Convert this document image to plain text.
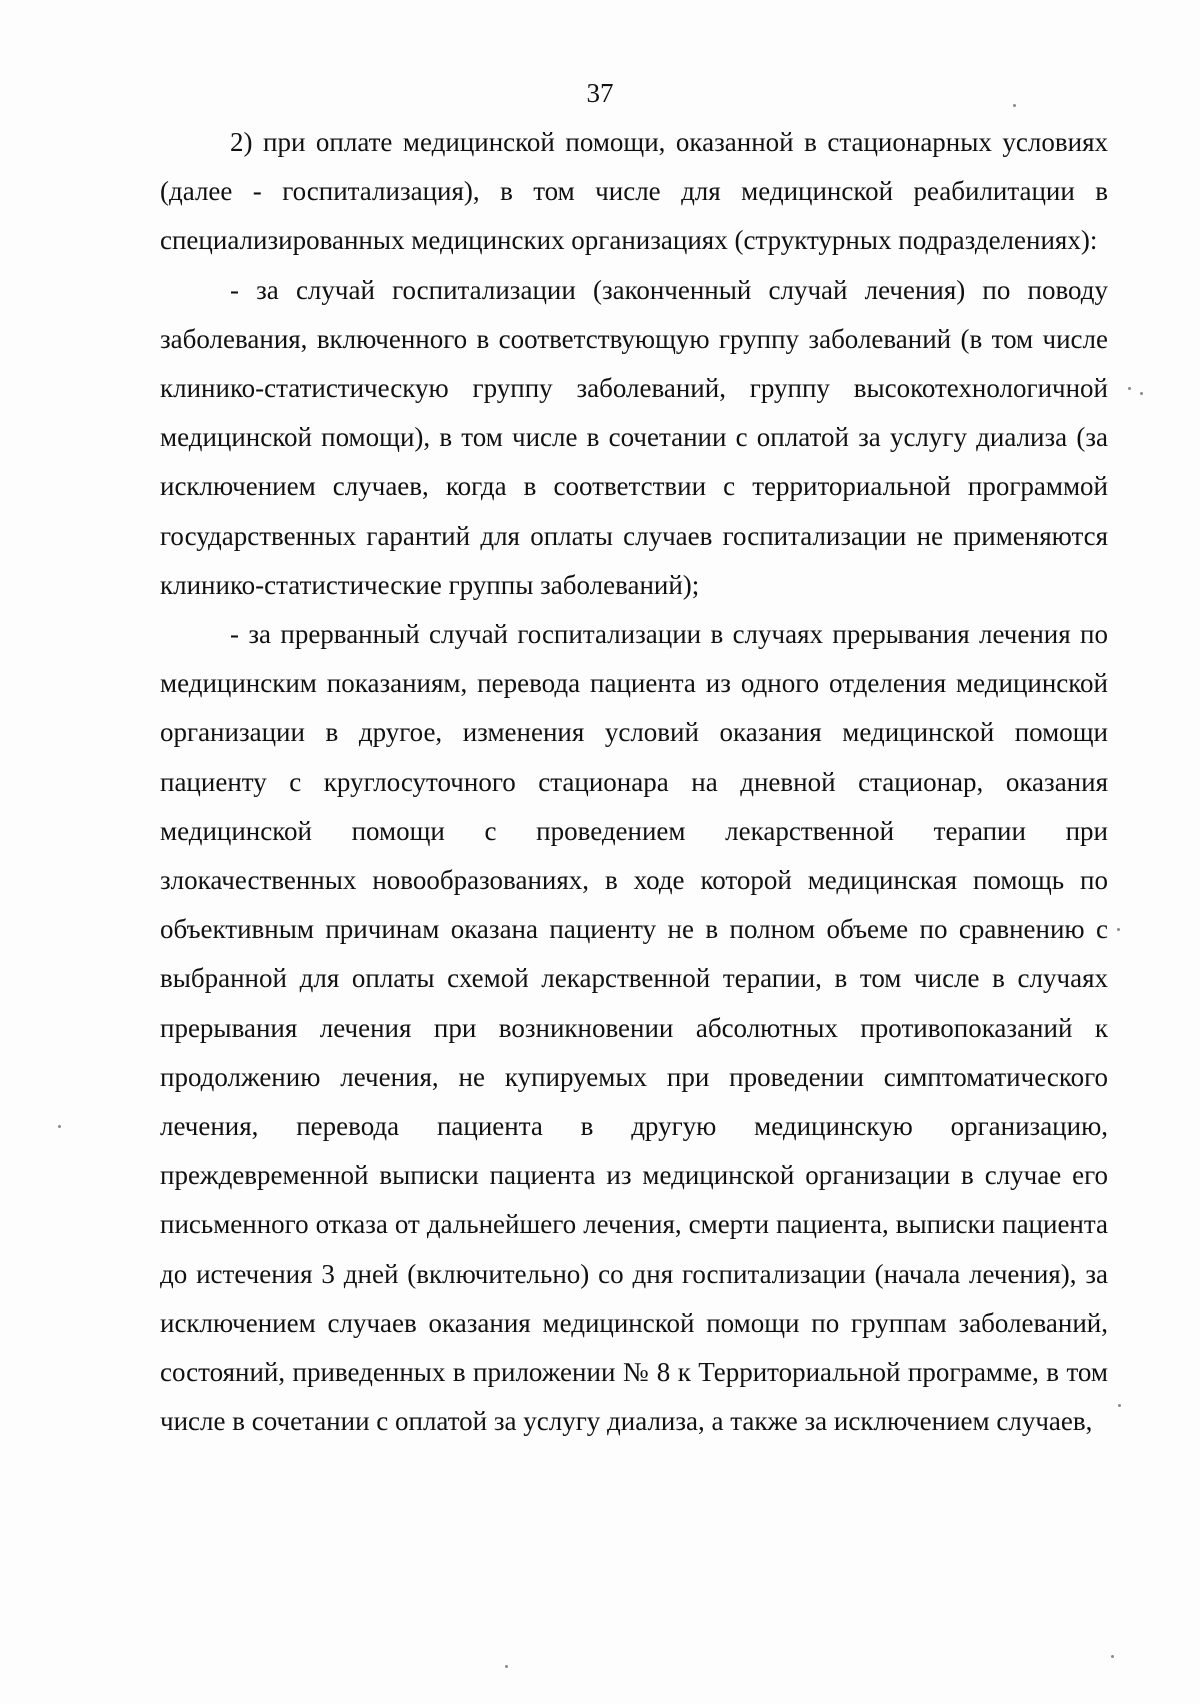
37

2) при оплате медицинской помощи, оказанной в стационарных условиях (далее - госпитализация), в том числе для медицинской реабилитации в специализированных медицинских организациях (структурных подразделениях):

- за случай госпитализации (законченный случай лечения) по поводу заболевания, включенного в соответствующую группу заболеваний (в том числе клинико-статистическую группу заболеваний, группу высокотехнологичной медицинской помощи), в том числе в сочетании с оплатой за услугу диализа (за исключением случаев, когда в соответствии с территориальной программой государственных гарантий для оплаты случаев госпитализации не применяются клинико-статистические группы заболеваний);

- за прерванный случай госпитализации в случаях прерывания лечения по медицинским показаниям, перевода пациента из одного отделения медицинской организации в другое, изменения условий оказания медицинской помощи пациенту с круглосуточного стационара на дневной стационар, оказания медицинской помощи с проведением лекарственной терапии при злокачественных новообразованиях, в ходе которой медицинская помощь по объективным причинам оказана пациенту не в полном объеме по сравнению с выбранной для оплаты схемой лекарственной терапии, в том числе в случаях прерывания лечения при возникновении абсолютных противопоказаний к продолжению лечения, не купируемых при проведении симптоматического лечения, перевода пациента в другую медицинскую организацию, преждевременной выписки пациента из медицинской организации в случае его письменного отказа от дальнейшего лечения, смерти пациента, выписки пациента до истечения 3 дней (включительно) со дня госпитализации (начала лечения), за исключением случаев оказания медицинской помощи по группам заболеваний, состояний, приведенных в приложении № 8 к Территориальной программе, в том числе в сочетании с оплатой за услугу диализа, а также за исключением случаев,
